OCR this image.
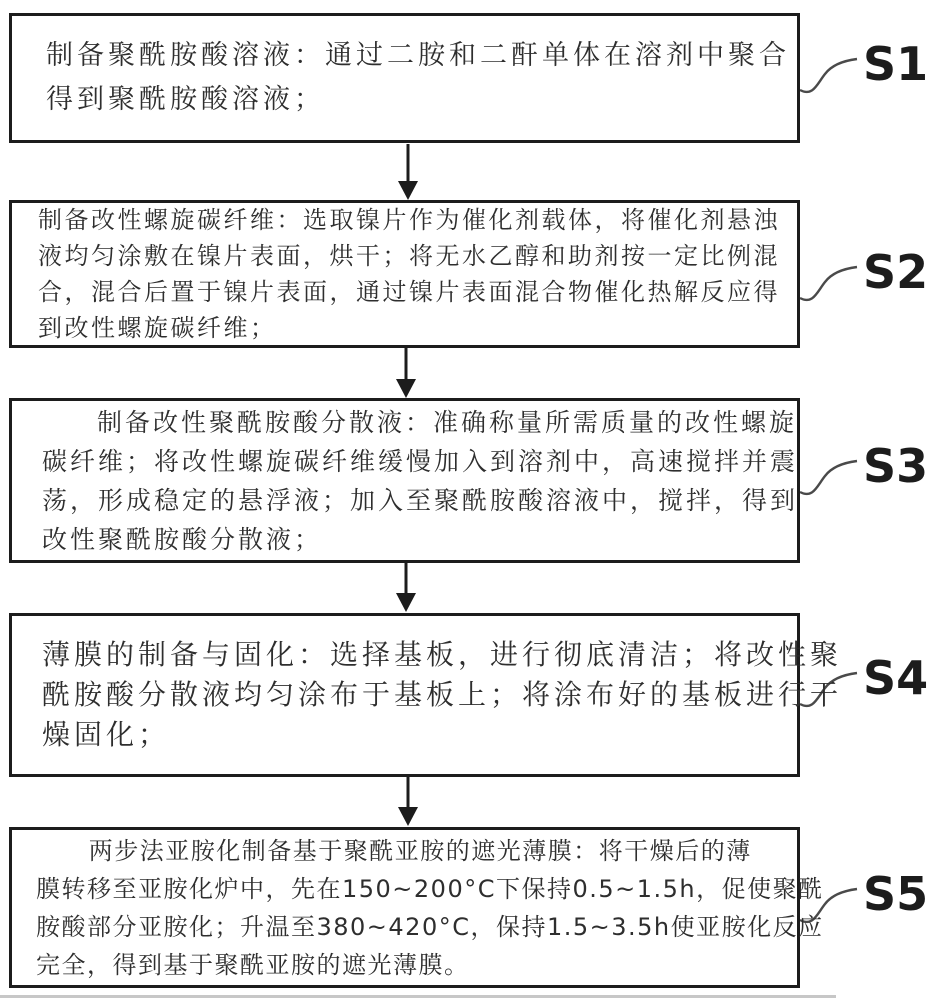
制备聚酰胺酸溶液：通过二胺和二酐单体在溶剂中聚合
得到聚酰胺酸溶液；
制备改性螺旋碳纤维：选取镍片作为催化剂载体，将催化剂悬浊
液均匀涂敷在镍片表面，烘干；将无水乙醇和助剂按一定比例混
合，混合后置于镍片表面，通过镍片表面混合物催化热解反应得
到改性螺旋碳纤维；
制备改性聚酰胺酸分散液：准确称量所需质量的改性螺旋
碳纤维；将改性螺旋碳纤维缓慢加入到溶剂中，高速搅拌并震
荡，形成稳定的悬浮液；加入至聚酰胺酸溶液中，搅拌，得到
改性聚酰胺酸分散液；
薄膜的制备与固化：选择基板，进行彻底清洁；将改性聚
酰胺酸分散液均匀涂布于基板上；将涂布好的基板进行干
燥固化；
两步法亚胺化制备基于聚酰亚胺的遮光薄膜：将干燥后的薄
膜转移至亚胺化炉中，先在150~200°C下保持0.5~1.5h，促使聚酰
胺酸部分亚胺化；升温至380~420°C，保持1.5~3.5h使亚胺化反应
完全，得到基于聚酰亚胺的遮光薄膜。
S1
S2
S3
S4
S5
